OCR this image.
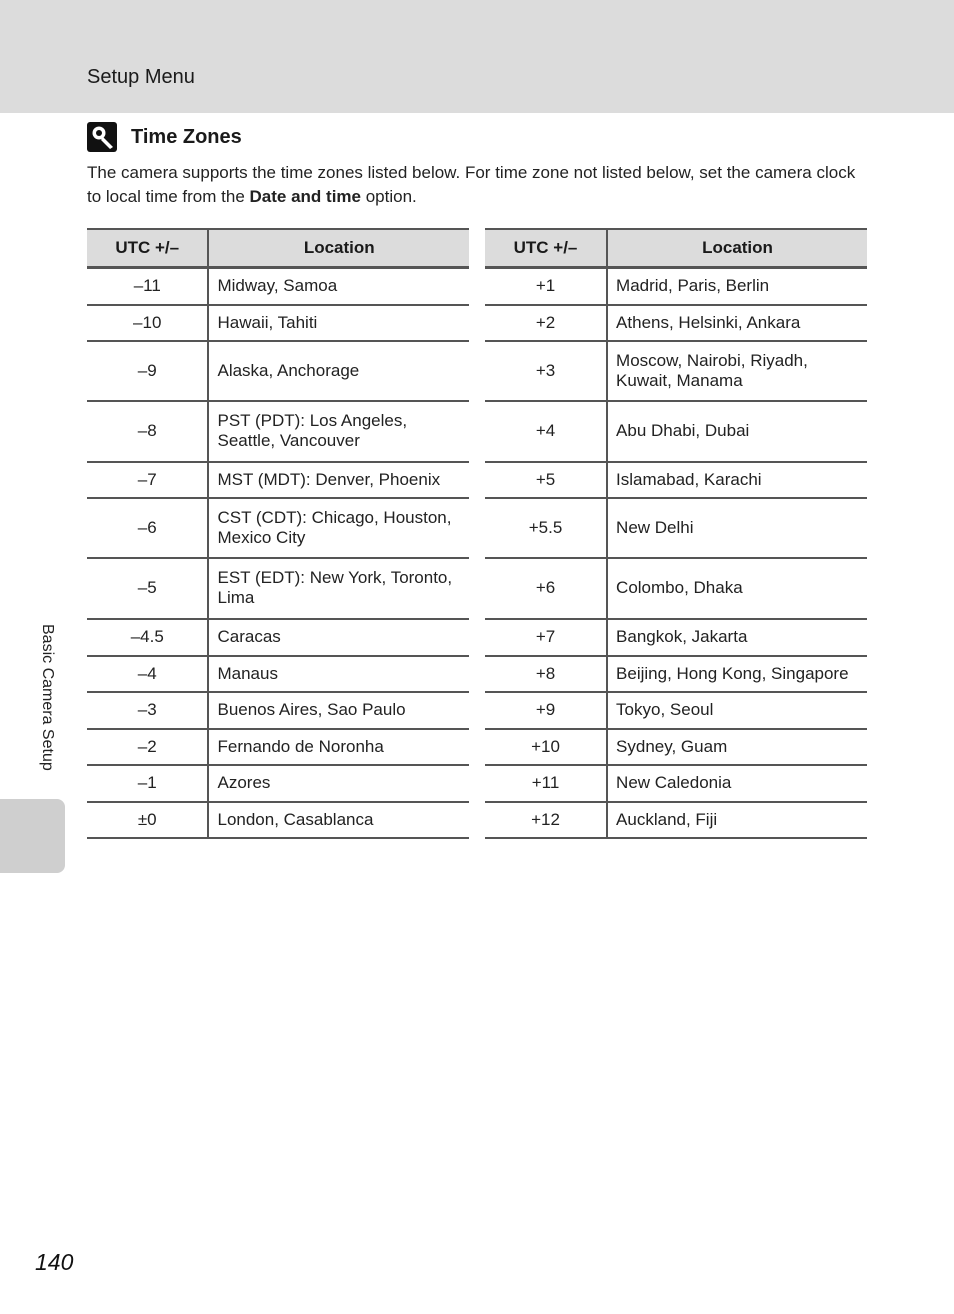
Setup Menu
Time Zones
The camera supports the time zones listed below. For time zone not listed below, set the camera clock to local time from the Date and time option.
UTC +/–	Location
–11	Midway, Samoa
–10	Hawaii, Tahiti
–9	Alaska, Anchorage
–8	PST (PDT): Los Angeles, Seattle, Vancouver
–7	MST (MDT): Denver, Phoenix
–6	CST (CDT): Chicago, Houston, Mexico City
–5	EST (EDT): New York, Toronto, Lima
–4.5	Caracas
–4	Manaus
–3	Buenos Aires, Sao Paulo
–2	Fernando de Noronha
–1	Azores
±0	London, Casablanca
UTC +/–	Location
+1	Madrid, Paris, Berlin
+2	Athens, Helsinki, Ankara
+3	Moscow, Nairobi, Riyadh, Kuwait, Manama
+4	Abu Dhabi, Dubai
+5	Islamabad, Karachi
+5.5	New Delhi
+6	Colombo, Dhaka
+7	Bangkok, Jakarta
+8	Beijing, Hong Kong, Singapore
+9	Tokyo, Seoul
+10	Sydney, Guam
+11	New Caledonia
+12	Auckland, Fiji
Basic Camera Setup
140
